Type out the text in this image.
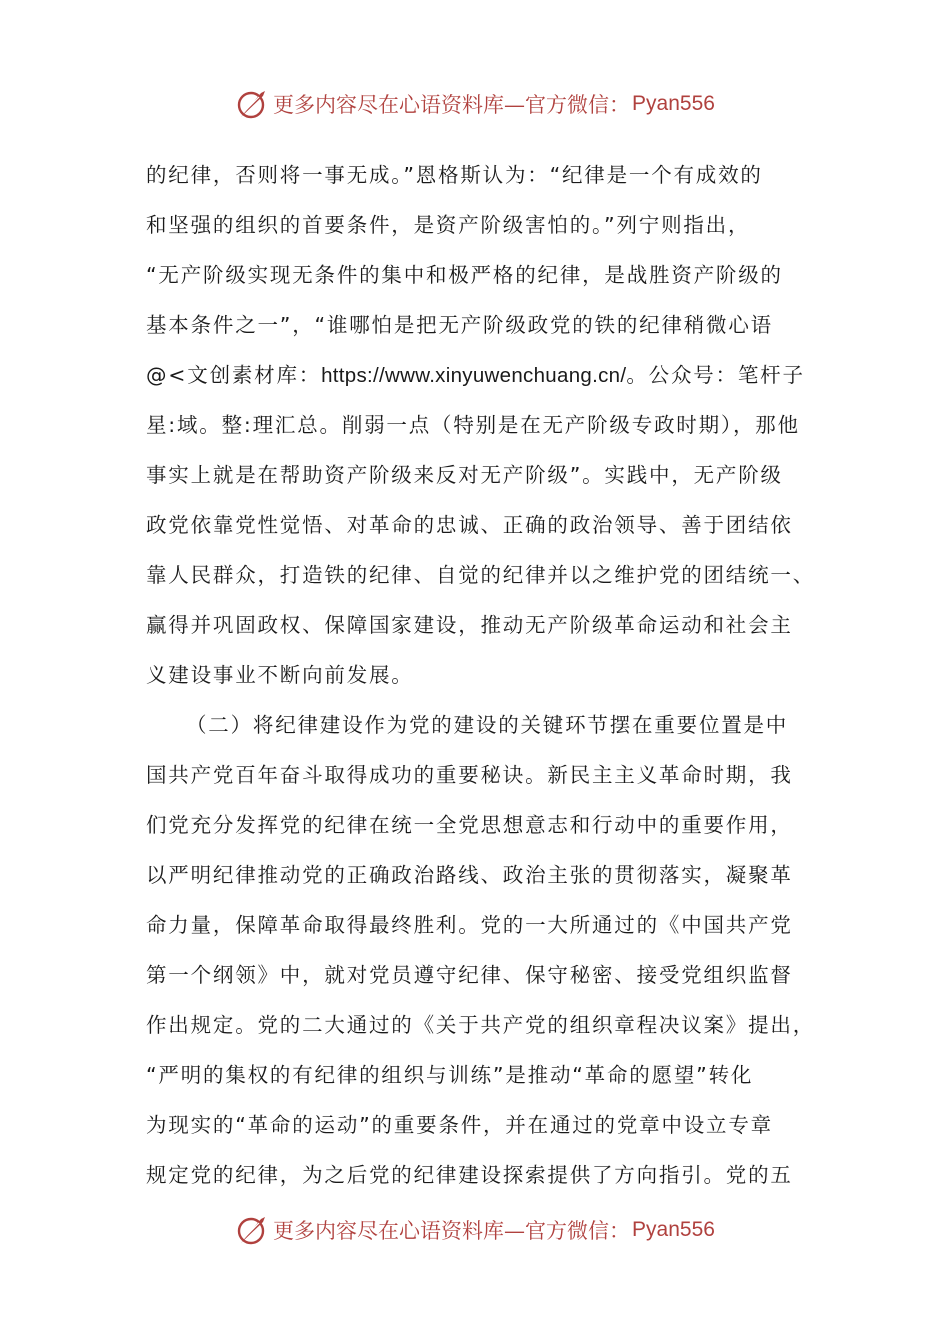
更多内容尽在心语资料库—官方微信： Pyan556
的纪律，否则将一事无成。”恩格斯认为：“纪律是一个有成效的
和坚强的组织的首要条件，是资产阶级害怕的。”列宁则指出，
“无产阶级实现无条件的集中和极严格的纪律，是战胜资产阶级的
基本条件之一”，“谁哪怕是把无产阶级政党的铁的纪律稍微心语
@<文创素材库：https://www.xinyuwenchuang.cn/。公众号：笔杆子
星:域。整:理汇总。削弱一点（特别是在无产阶级专政时期），那他
事实上就是在帮助资产阶级来反对无产阶级”。实践中，无产阶级
政党依靠党性觉悟、对革命的忠诚、正确的政治领导、善于团结依
靠人民群众，打造铁的纪律、自觉的纪律并以之维护党的团结统一、
赢得并巩固政权、保障国家建设，推动无产阶级革命运动和社会主
义建设事业不断向前发展。
（二）将纪律建设作为党的建设的关键环节摆在重要位置是中
国共产党百年奋斗取得成功的重要秘诀。新民主主义革命时期，我
们党充分发挥党的纪律在统一全党思想意志和行动中的重要作用，
以严明纪律推动党的正确政治路线、政治主张的贯彻落实，凝聚革
命力量，保障革命取得最终胜利。党的一大所通过的《中国共产党
第一个纲领》中，就对党员遵守纪律、保守秘密、接受党组织监督
作出规定。党的二大通过的《关于共产党的组织章程决议案》提出，
“严明的集权的有纪律的组织与训练”是推动“革命的愿望”转化
为现实的“革命的运动”的重要条件，并在通过的党章中设立专章
规定党的纪律，为之后党的纪律建设探索提供了方向指引。党的五
更多内容尽在心语资料库—官方微信： Pyan556
